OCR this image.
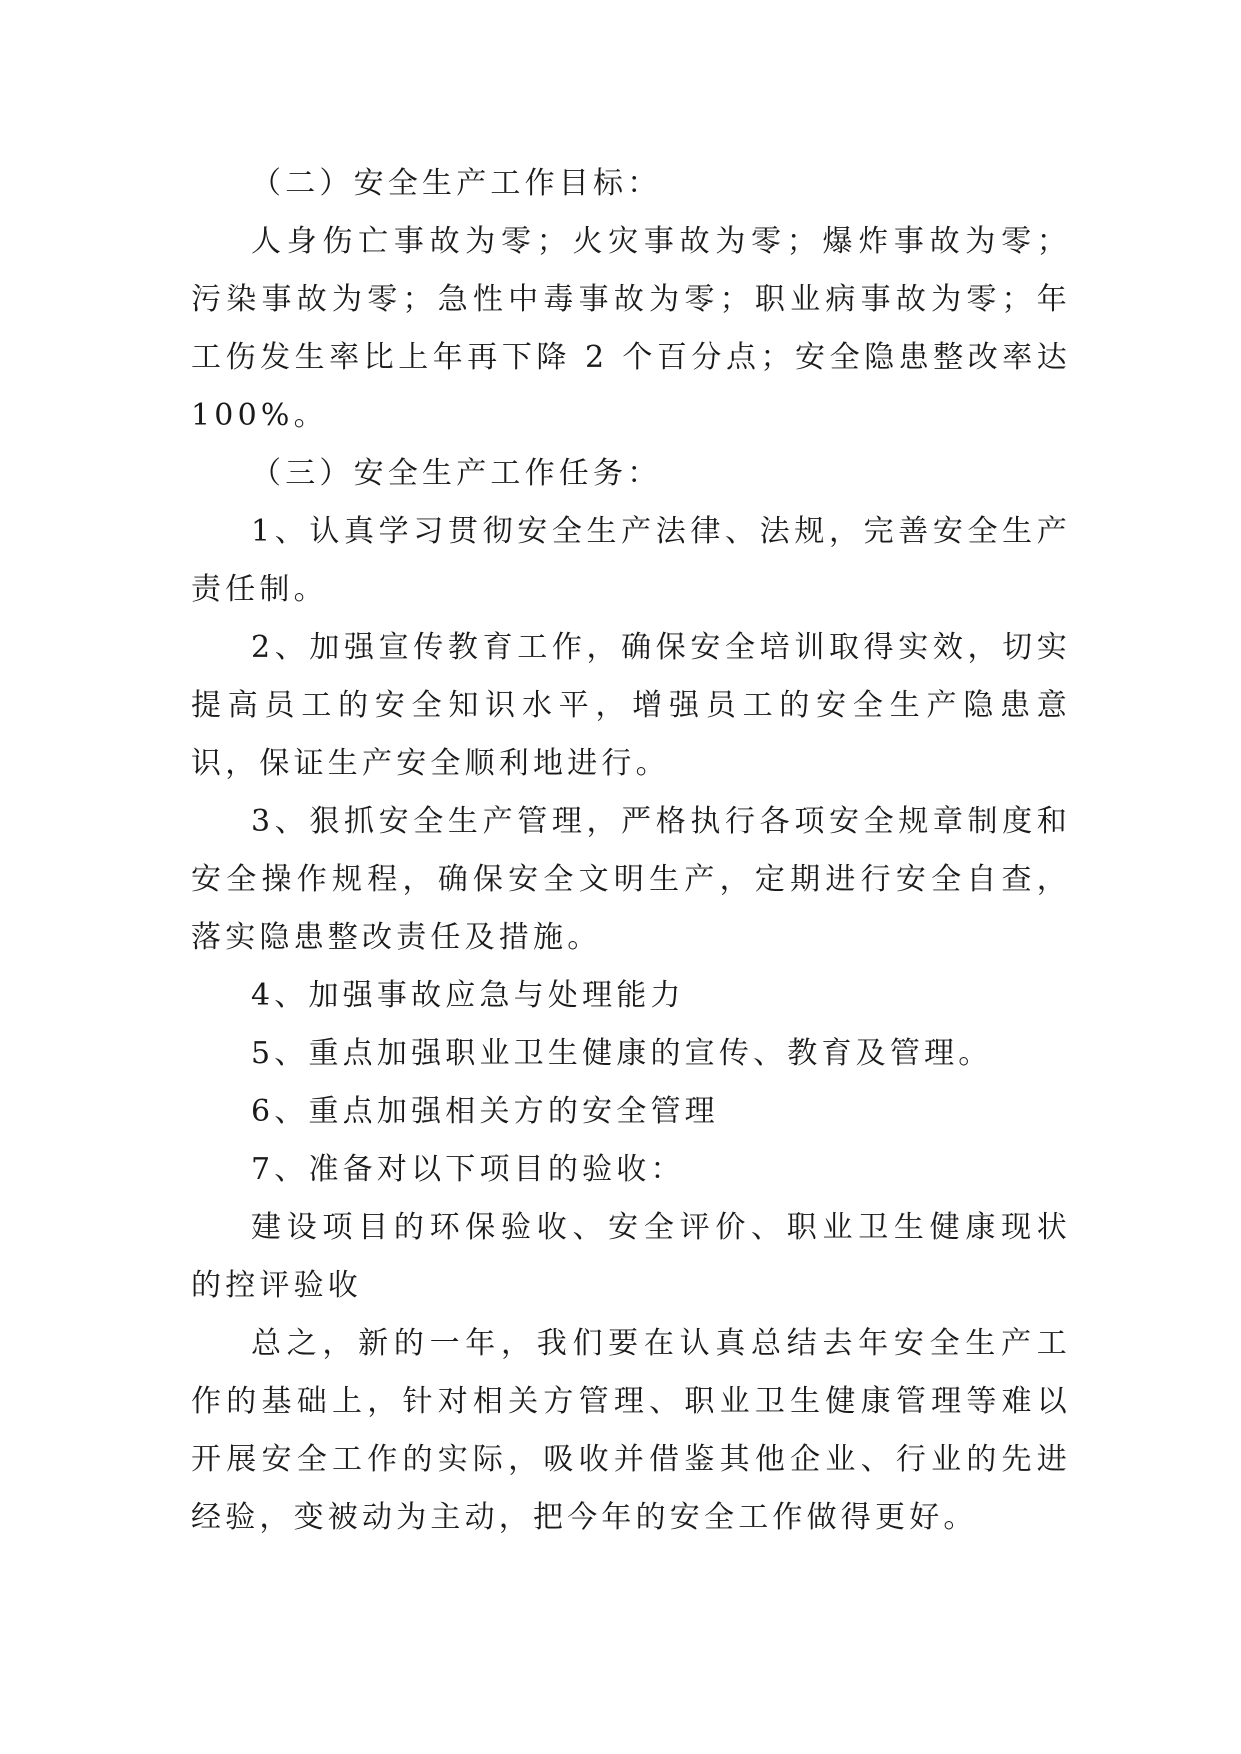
（二）安全生产工作目标：

人身伤亡事故为零；火灾事故为零；爆炸事故为零；污染事故为零；急性中毒事故为零；职业病事故为零；年工伤发生率比上年再下降 2 个百分点；安全隐患整改率达 100%。

（三）安全生产工作任务：

1、认真学习贯彻安全生产法律、法规，完善安全生产责任制。

2、加强宣传教育工作，确保安全培训取得实效，切实提高员工的安全知识水平，增强员工的安全生产隐患意识，保证生产安全顺利地进行。

3、狠抓安全生产管理，严格执行各项安全规章制度和安全操作规程，确保安全文明生产，定期进行安全自查，落实隐患整改责任及措施。

4、加强事故应急与处理能力

5、重点加强职业卫生健康的宣传、教育及管理。

6、重点加强相关方的安全管理

7、准备对以下项目的验收：

建设项目的环保验收、安全评价、职业卫生健康现状的控评验收

总之，新的一年，我们要在认真总结去年安全生产工作的基础上，针对相关方管理、职业卫生健康管理等难以开展安全工作的实际，吸收并借鉴其他企业、行业的先进经验，变被动为主动，把今年的安全工作做得更好。
